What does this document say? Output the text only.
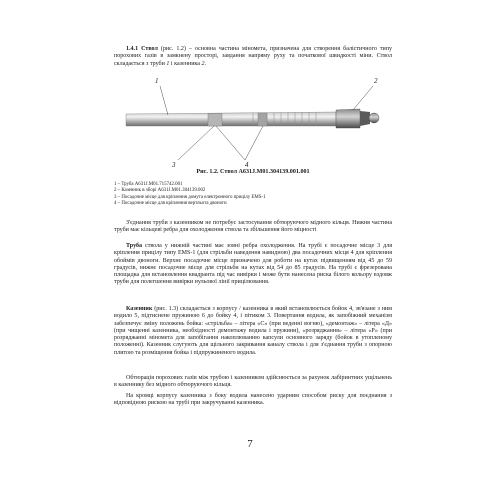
1.4.1 Ствол (рис. 1.2) – основна частина міномета, призначена для створення балістичного типу порохових газів в замкнену просторі, завдання напряму руху та початкової швидкості міни. Ствол складається з труби 1 і казенника 2.

1	2
3	4

Рис. 1.2. Ствол А631Ј.М01.304139.001.001

1 – Труба А631Ј.М01.715742.001
2 – Казенник в зборі А631Ј.М01.304139.002
3 – Посадочне місце для кріплення домута електронного прицілу EMS-1
4 – Посадочне місце для кріплення вертльота двоноги

З'єднання труби з казенником не потребує застосування обтюруючого мідного кільця. Нижня частина труби має кільцеві ребра для охолодження ствола та збільшення його міцності

Труба ствола у нижній частині має зовні ребра охолодження. На трубі є посадочне місце 3 для кріплення прицілу типу EMS-1 (для стрільби наведення навидною) два посадочних місця 4 для кріплення обоймів двоноги. Верхнє посадочне місце призначено для роботи на кутах підвищенням від 45 до 59 градусів, нижнє посадочне місце для стрільби на кутах від 54 до 85 градусів. На трубі є фрезерована площадка для встановлення квадранта під час вивірки і може бути нанесена риска білого кольору вздовж труби для полегшення вивірки нульової лінії прицілювання.

Казенник (рис. 1.3) складається з корпусу / казенника в який встановлюється бойок 4, зв'язане з ним водило 5, підтиснене пружиною 6 до бойку 4, і пітиком 3. Повертання водила, як запобіжний механізм забезпечує зміну положень бойка: «стрільба» – літера «С» (при веденні вогню), «демонтаж» – літера «Д» (при чищенні казенника, необхідності демонтажу водила і пружини), «розряджання» – літера «Р» (при розряджанні міномета для запобігання накоплюванню капсули основного заряду (бойок в утопленому положенні). Казенник слугують для щільного закривання каналу ствола і для з'єднання труби з опорною плитою та розміщення бойка і підпружиненого водила.

Обтюрація порохових газів між трубою і казенником здійснюється за рахунок лабіринтних ущільнень в казеннику без мідного обтюруючого кільця.

На кромці корпусу казенника з боку водила нанесено ударним способом риску для поєднання з відповідною рискою на трубі при закручуванні казенника.

7
